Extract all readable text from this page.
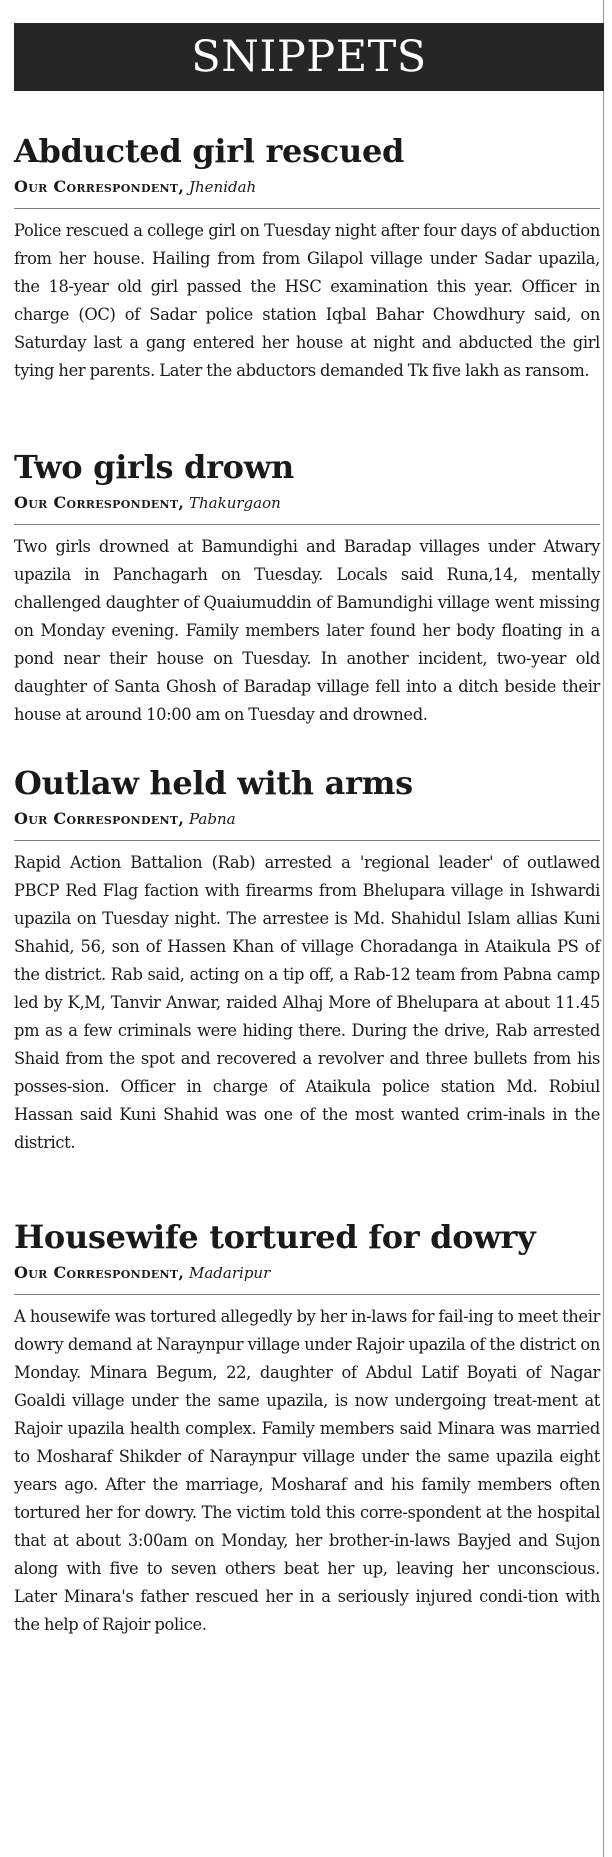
SNIPPETS
Abducted girl rescued

Our Correspondent, Jhenidah

Police rescued a college girl on Tuesday night after four days of abduction from her house. Hailing from from Gilapol village under Sadar upazila, the 18-year old girl passed the HSC examination this year. Officer in charge (OC) of Sadar police station Iqbal Bahar Chowdhury said, on Saturday last a gang entered her house at night and abducted the girl tying her parents. Later the abductors demanded Tk five lakh as ransom.

Two girls drown

Our Correspondent, Thakurgaon

Two girls drowned at Bamundighi and Baradap villages under Atwary upazila in Panchagarh on Tuesday. Locals said Runa,14, mentally challenged daughter of Quaiumuddin of Bamundighi village went missing on Monday evening. Family members later found her body floating in a pond near their house on Tuesday. In another incident, two-year old daughter of Santa Ghosh of Baradap village fell into a ditch beside their house at around 10:00 am on Tuesday and drowned.

Outlaw held with arms

Our Correspondent, Pabna

Rapid Action Battalion (Rab) arrested a 'regional leader' of outlawed PBCP Red Flag faction with firearms from Bhelupara village in Ishwardi upazila on Tuesday night. The arrestee is Md. Shahidul Islam allias Kuni Shahid, 56, son of Hassen Khan of village Choradanga in Ataikula PS of the district. Rab said, acting on a tip off, a Rab-12 team from Pabna camp led by K,M, Tanvir Anwar, raided Alhaj More of Bhelupara at about 11.45 pm as a few criminals were hiding there. During the drive, Rab arrested Shaid from the spot and recovered a revolver and three bullets from his posses-sion. Officer in charge of Ataikula police station Md. Robiul Hassan said Kuni Shahid was one of the most wanted crim-inals in the district.

Housewife tortured for dowry

Our Correspondent, Madaripur

A housewife was tortured allegedly by her in-laws for fail-ing to meet their dowry demand at Naraynpur village under Rajoir upazila of the district on Monday. Minara Begum, 22, daughter of Abdul Latif Boyati of Nagar Goaldi village under the same upazila, is now undergoing treat-ment at Rajoir upazila health complex. Family members said Minara was married to Mosharaf Shikder of Naraynpur village under the same upazila eight years ago. After the marriage, Mosharaf and his family members often tortured her for dowry. The victim told this corre-spondent at the hospital that at about 3:00am on Monday, her brother-in-laws Bayjed and Sujon along with five to seven others beat her up, leaving her unconscious. Later Minara's father rescued her in a seriously injured condi-tion with the help of Rajoir police.
